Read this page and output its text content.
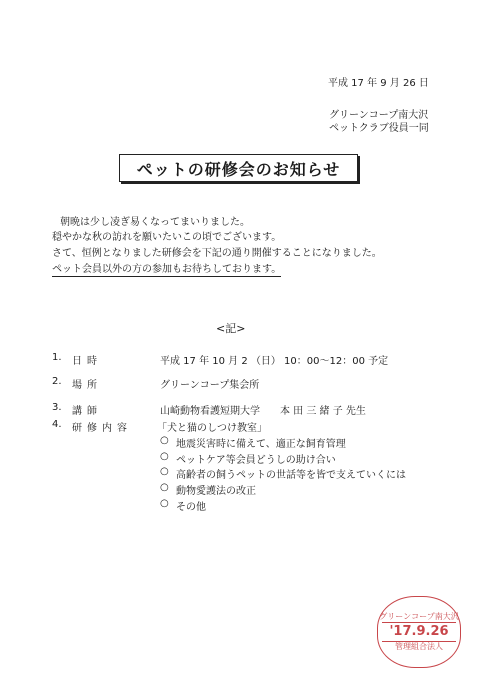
平成 17 年 9 月 26 日
グリーンコープ南大沢
ペットクラブ役員一同
ペットの研修会のお知らせ
朝晩は少し凌ぎ易くなってまいりました。
穏やかな秋の訪れを願いたいこの頃でございます。
さて、恒例となりました研修会を下記の通り開催することになりました。
ペット会員以外の方の参加もお待ちしております。
<記>
1. 日時	平成 17 年 10 月 2 （日） 10：00～12：00 予定
2. 場所	グリーンコープ集会所
3. 講師	山崎動物看護短期大学　　本 田 三 緒 子 先生
4. 研修内容	「犬と猫のしつけ教室」
○ 地震災害時に備えて、適正な飼育管理
○ ペットケア等会員どうしの助け合い
○ 高齢者の飼うペットの世話等を皆で支えていくには
○ 動物愛護法の改正
○ その他
グリーンコープ南大沢
'17.9.26
管理組合法人
